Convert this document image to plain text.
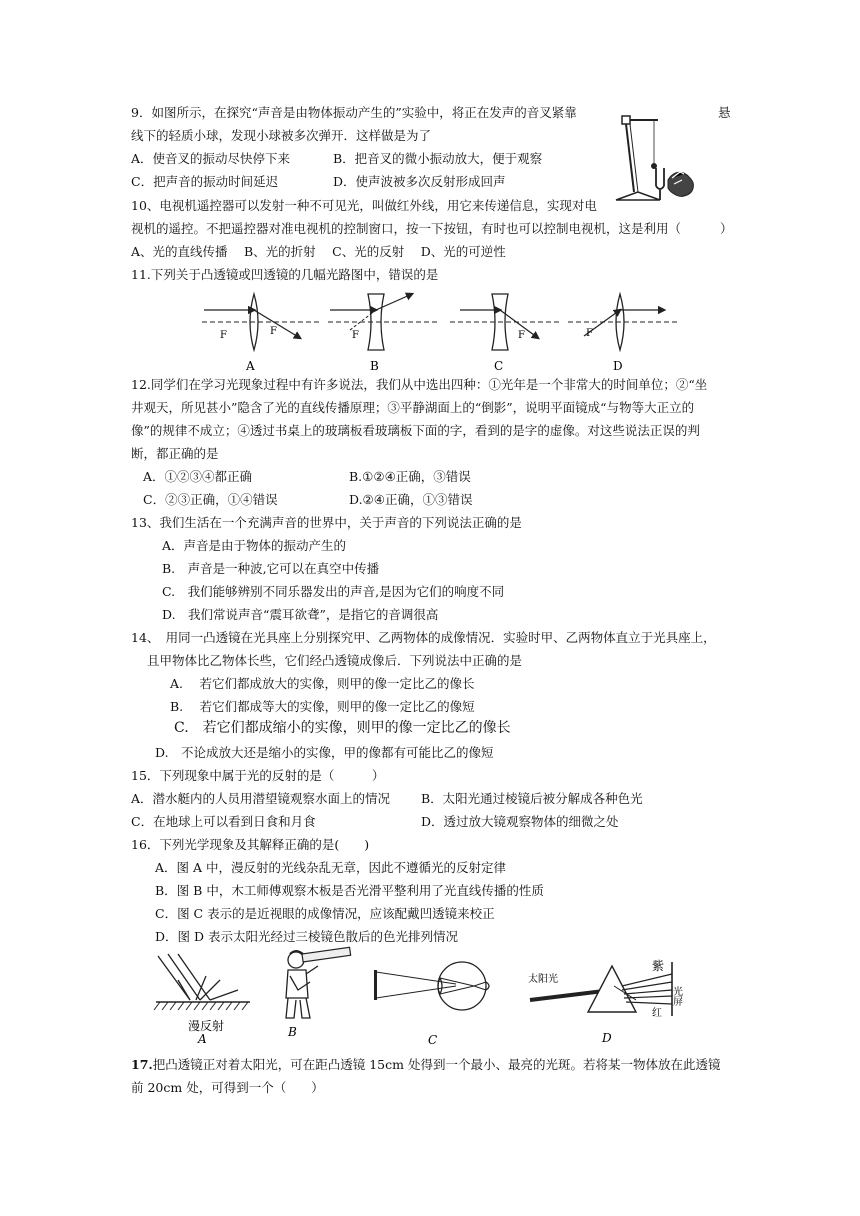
9．如图所示，在探究“声音是由物体振动产生的”实验中，将正在发声的音叉紧靠	悬
线下的轻质小球，发现小球被多次弹开．这样做是为了
A．使音叉的振动尽快停下来	B．把音叉的微小振动放大，便于观察
C．把声音的振动时间延迟	D．使声波被多次反射形成回声
10、电视机遥控器可以发射一种不可见光，叫做红外线，用它来传递信息，实现对电
视机的遥控。不把遥控器对准电视机的控制窗口，按一下按钮，有时也可以控制电视机，这是利用（	）
A、光的直线传播　 B、光的折射　 C、光的反射　 D、光的可逆性
11.下列关于凸透镜或凹透镜的几幅光路图中，错误的是
F	F
A
F
B
F
C
F
D
12.同学们在学习光现象过程中有许多说法，我们从中选出四种：①光年是一个非常大的时间单位；②“坐
井观天，所见甚小”隐含了光的直线传播原理；③平静湖面上的“倒影”，说明平面镜成“与物等大正立的
像”的规律不成立；④透过书桌上的玻璃板看玻璃板下面的字，看到的是字的虚像。对这些说法正误的判
断，都正确的是
A．①②③④都正确	B.①②④正确，③错误
C．②③正确，①④错误	D.②④正确，①③错误
13、我们生活在一个充满声音的世界中，关于声音的下列说法正确的是
A．声音是由于物体的振动产生的
B.　声音是一种波,它可以在真空中传播
C.　我们能够辨别不同乐器发出的声音,是因为它们的响度不同
D.　我们常说声音“震耳欲聋”，是指它的音调很高
14、　用同一凸透镜在光具座上分别探究甲、乙两物体的成像情况．实验时甲、乙两物体直立于光具座上，
且甲物体比乙物体长些，它们经凸透镜成像后．下列说法中正确的是
A.　 若它们都成放大的实像，则甲的像一定比乙的像长
B.　 若它们都成等大的实像，则甲的像一定比乙的像短
C.　若它们都成缩小的实像，则甲的像一定比乙的像长
D.　不论成放大还是缩小的实像，甲的像都有可能比乙的像短
15．下列现象中属于光的反射的是（　　　）
A．潜水艇内的人员用潜望镜观察水面上的情况 B．太阳光通过棱镜后被分解成各种色光
C．在地球上可以看到日食和月食	D．透过放大镜观察物体的细微之处
16．下列光学现象及其解释正确的是(　　)
A．图 A 中，漫反射的光线杂乱无章，因此不遵循光的反射定律
B．图 B 中，木工师傅观察木板是否光滑平整利用了光直线传播的性质
C．图 C 表示的是近视眼的成像情况，应该配戴凹透镜来校正
D．图 D 表示太阳光经过三棱镜色散后的色光排列情况
漫反射
A	B
C
太阳光
紫
红
光屏
D
17.把凸透镜正对着太阳光，可在距凸透镜 15cm 处得到一个最小、最亮的光斑。若将某一物体放在此透镜
前 20cm 处，可得到一个（　　）
